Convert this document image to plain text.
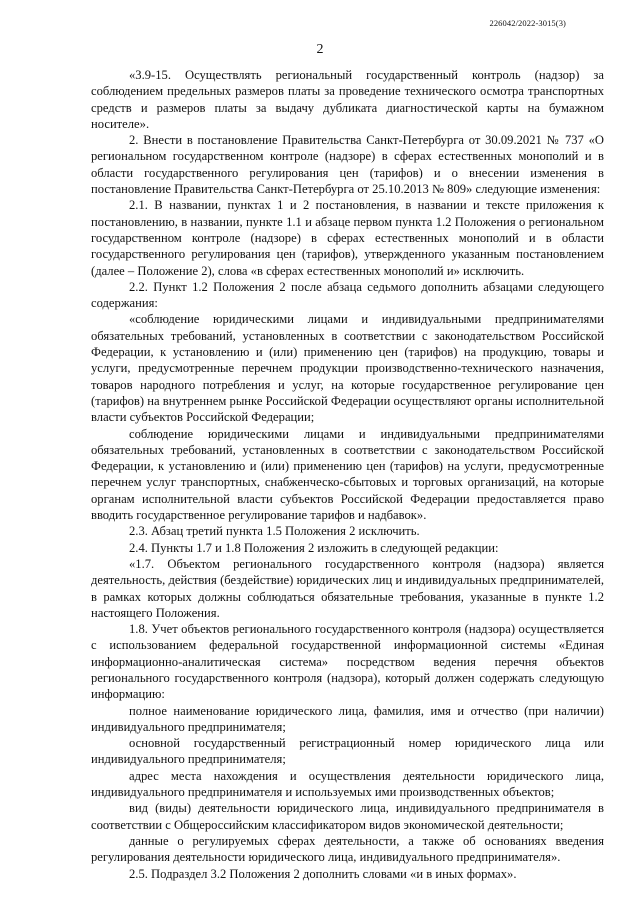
226042/2022-3015(3)
2

«3.9-15. Осуществлять региональный государственный контроль (надзор) за соблюдением предельных размеров платы за проведение технического осмотра транспортных средств и размеров платы за выдачу дубликата диагностической карты на бумажном носителе».

2. Внести в постановление Правительства Санкт-Петербурга от 30.09.2021 № 737 «О региональном государственном контроле (надзоре) в сферах естественных монополий и в области государственного регулирования цен (тарифов) и о внесении изменения в постановление Правительства Санкт-Петербурга от 25.10.2013 № 809» следующие изменения:

2.1. В названии, пунктах 1 и 2 постановления, в названии и тексте приложения к постановлению, в названии, пункте 1.1 и абзаце первом пункта 1.2 Положения о региональном государственном контроле (надзоре) в сферах естественных монополий и в области государственного регулирования цен (тарифов), утвержденного указанным постановлением (далее – Положение 2), слова «в сферах естественных монополий и» исключить.

2.2. Пункт 1.2 Положения 2 после абзаца седьмого дополнить абзацами следующего содержания:

«соблюдение юридическими лицами и индивидуальными предпринимателями обязательных требований, установленных в соответствии с законодательством Российской Федерации, к установлению и (или) применению цен (тарифов) на продукцию, товары и услуги, предусмотренные перечнем продукции производственно-технического назначения, товаров народного потребления и услуг, на которые государственное регулирование цен (тарифов) на внутреннем рынке Российской Федерации осуществляют органы исполнительной власти субъектов Российской Федерации;

соблюдение юридическими лицами и индивидуальными предпринимателями обязательных требований, установленных в соответствии с законодательством Российской Федерации, к установлению и (или) применению цен (тарифов) на услуги, предусмотренные перечнем услуг транспортных, снабженческо-сбытовых и торговых организаций, на которые органам исполнительной власти субъектов Российской Федерации предоставляется право вводить государственное регулирование тарифов и надбавок».

2.3. Абзац третий пункта 1.5 Положения 2 исключить.

2.4. Пункты 1.7 и 1.8 Положения 2 изложить в следующей редакции:

«1.7. Объектом регионального государственного контроля (надзора) является деятельность, действия (бездействие) юридических лиц и индивидуальных предпринимателей, в рамках которых должны соблюдаться обязательные требования, указанные в пункте 1.2 настоящего Положения.

1.8. Учет объектов регионального государственного контроля (надзора) осуществляется с использованием федеральной государственной информационной системы «Единая информационно-аналитическая система» посредством ведения перечня объектов регионального государственного контроля (надзора), который должен содержать следующую информацию:

полное наименование юридического лица, фамилия, имя и отчество (при наличии) индивидуального предпринимателя;

основной государственный регистрационный номер юридического лица или индивидуального предпринимателя;

адрес места нахождения и осуществления деятельности юридического лица, индивидуального предпринимателя и используемых ими производственных объектов;

вид (виды) деятельности юридического лица, индивидуального предпринимателя в соответствии с Общероссийским классификатором видов экономической деятельности;

данные о регулируемых сферах деятельности, а также об основаниях введения регулирования деятельности юридического лица, индивидуального предпринимателя».

2.5. Подраздел 3.2 Положения 2 дополнить словами «и в иных формах».
